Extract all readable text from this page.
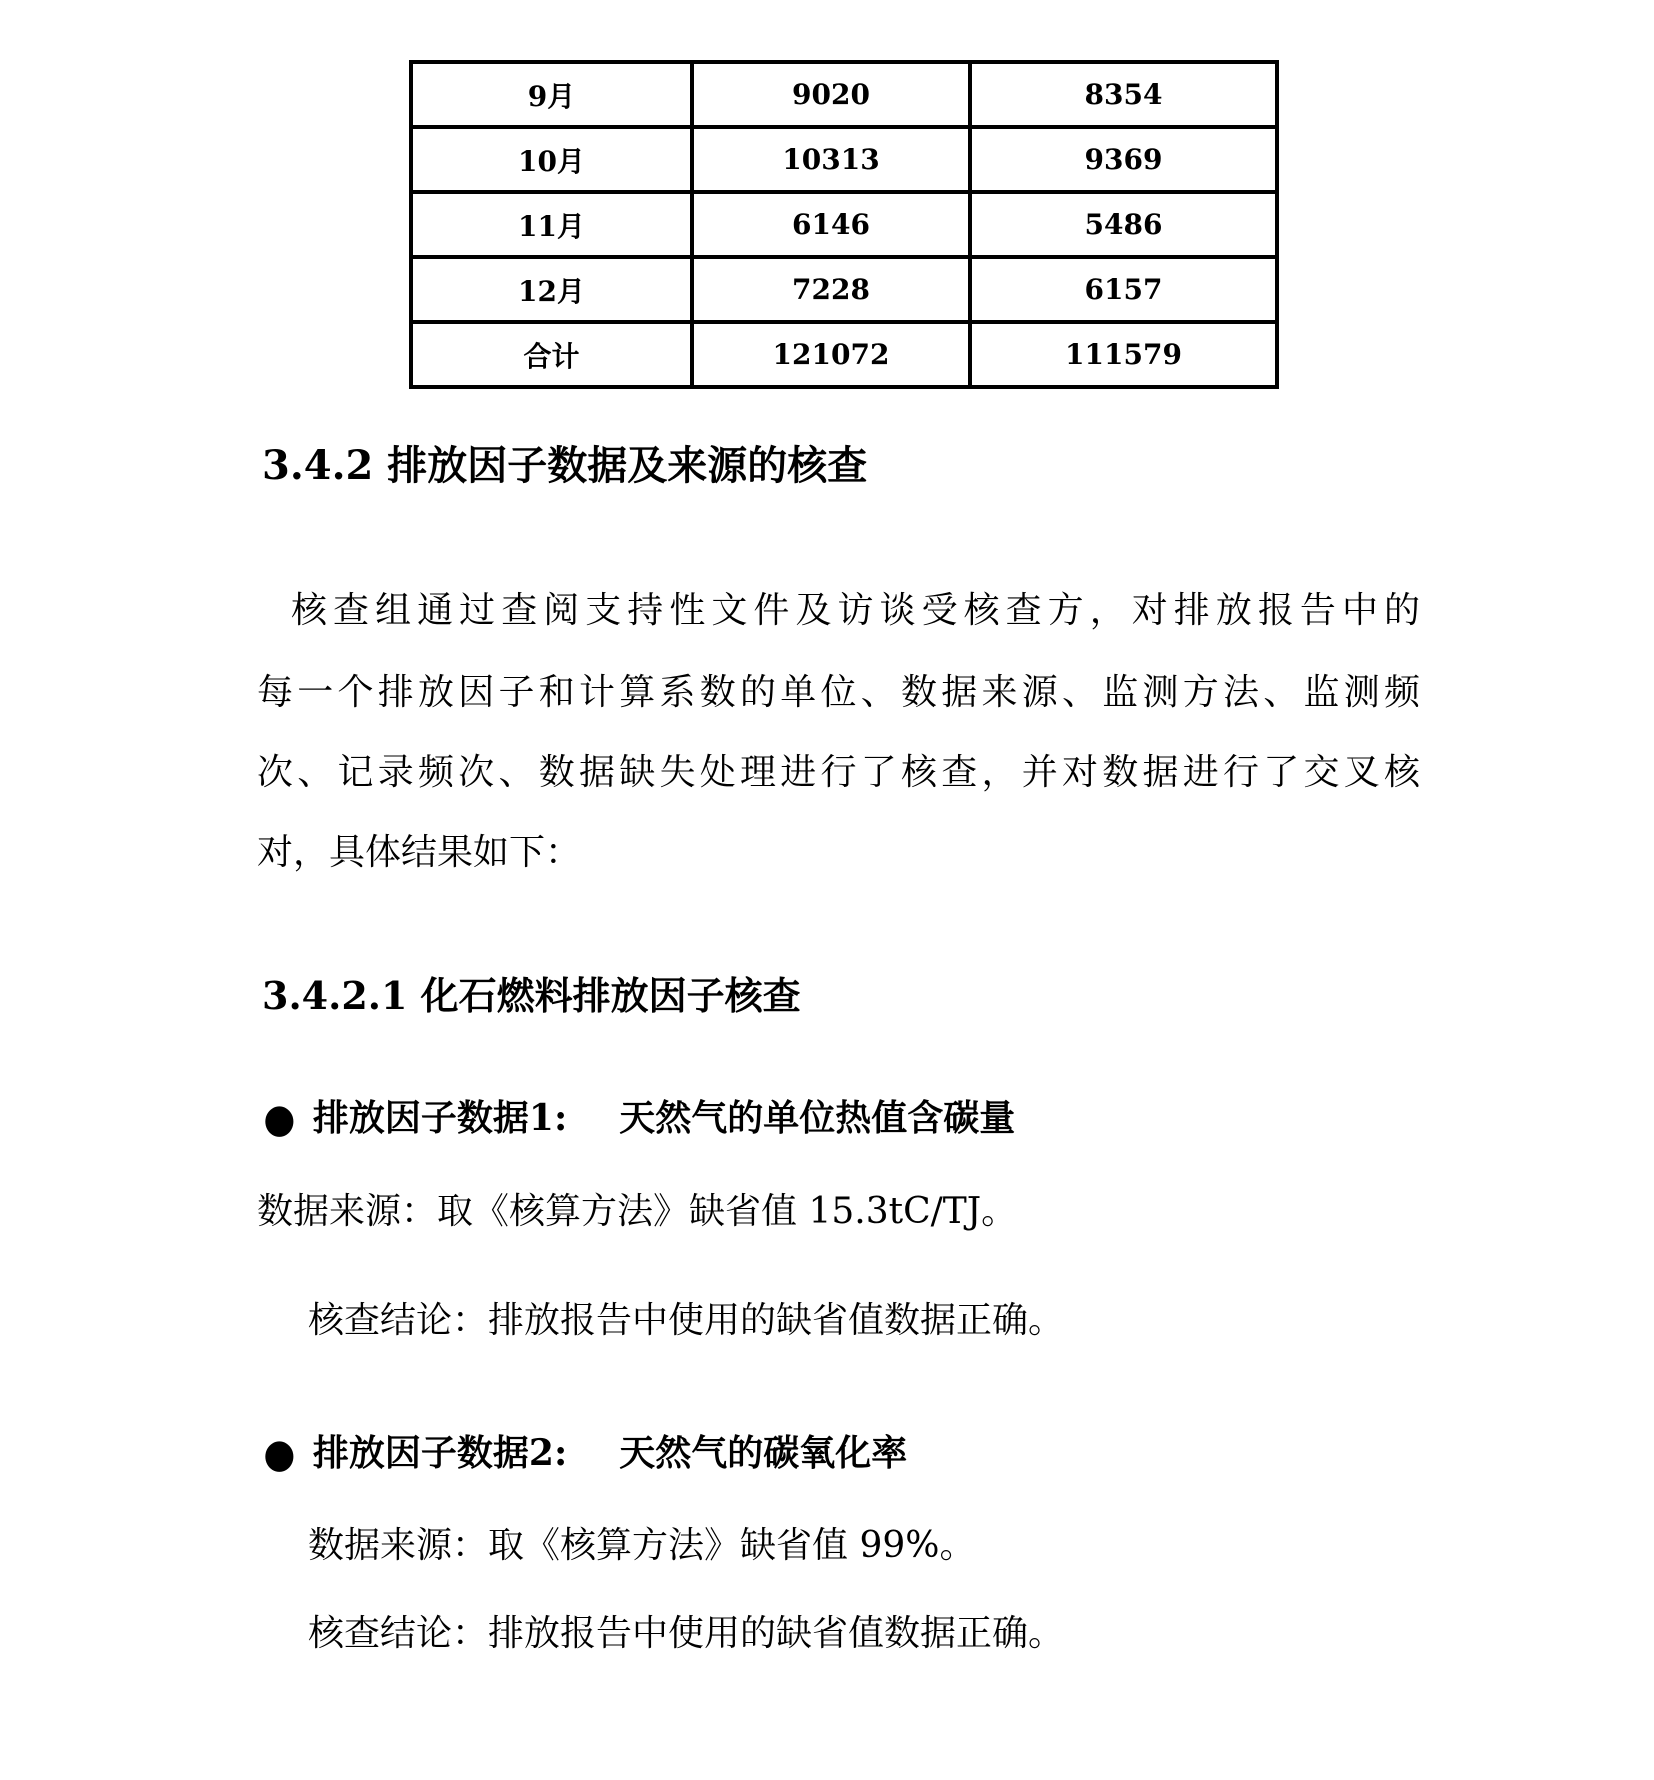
9月	9020	8354
10月	10313	9369
11月	6146	5486
12月	7228	6157
合计	121072	111579
3.4.2 排放因子数据及来源的核查
核查组通过查阅支持性文件及访谈受核查方，对排放报告中的
每一个排放因子和计算系数的单位、数据来源、监测方法、监测频
次、记录频次、数据缺失处理进行了核查，并对数据进行了交叉核
对，具体结果如下：
3.4.2.1 化石燃料排放因子核查
● 排放因子数据1: 天然气的单位热值含碳量
数据来源：取《核算方法》缺省值 15.3tC/TJ。
核查结论：排放报告中使用的缺省值数据正确。
● 排放因子数据2: 天然气的碳氧化率
数据来源：取《核算方法》缺省值 99%。
核查结论：排放报告中使用的缺省值数据正确。
